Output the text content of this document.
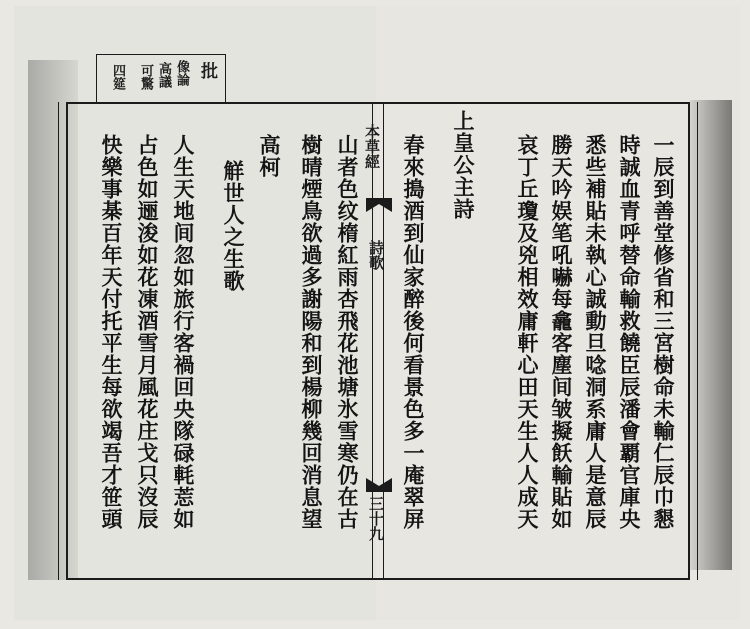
本草經
詩歌
三十九	一辰到善堂修省和三宮樹命未輸仁辰巾懇
時誠血青呼替命輸救饒臣辰潘會覇官庫央
悉些補貼未執心誠動旦唸洞系庸人是意辰
勝天吟娱笔吼嚇每龕客塵间皱擬飫輸貼如
哀丁丘瓊及兇相效庸軒心田天生人人成天
上皇公主詩
春來搗酒到仙家醉後何看景色多一庵翠屏
山者色纹楕紅雨杏飛花池塘氷雪寒仍在古
樹晴煙鳥欲過多謝陽和到楊柳幾回消息望
高柯
觧世人之生歌
人生天地间忽如旅行客禍回央隊碌軞莣如
占色如逦浚如花凍酒雪月風花庄戈只沒辰
快樂事棊百年天付托平生每欲竭吾才笹頭
批
像論
高議
可驚
四筵
